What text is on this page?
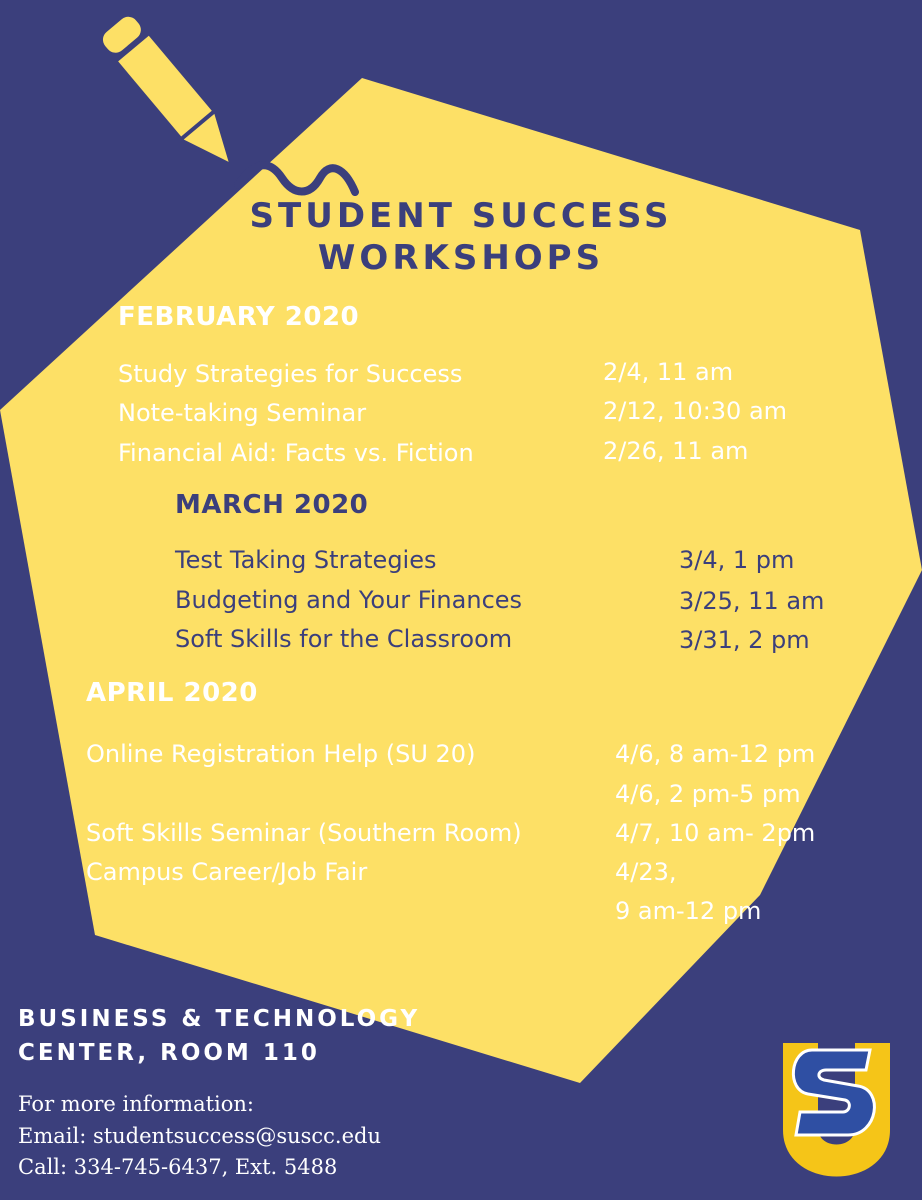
STUDENT SUCCESS
WORKSHOPS
FEBRUARY 2020
Study Strategies for Success	2/4, 11 am
Note-taking Seminar	2/12, 10:30 am
Financial Aid: Facts vs. Fiction	2/26, 11 am
MARCH 2020
Test Taking Strategies	3/4, 1 pm
Budgeting and Your Finances	3/25, 11 am
Soft Skills for the Classroom	3/31, 2 pm
APRIL 2020
Online Registration Help (SU 20)	4/6, 8 am-12 pm
4/6, 2 pm-5 pm
Soft Skills Seminar (Southern Room)	4/7, 10 am- 2pm
Campus Career/Job Fair	4/23,
9 am-12 pm
BUSINESS & TECHNOLOGY
CENTER, ROOM 110
For more information:
Email: studentsuccess@suscc.edu
Call: 334-745-6437, Ext. 5488
